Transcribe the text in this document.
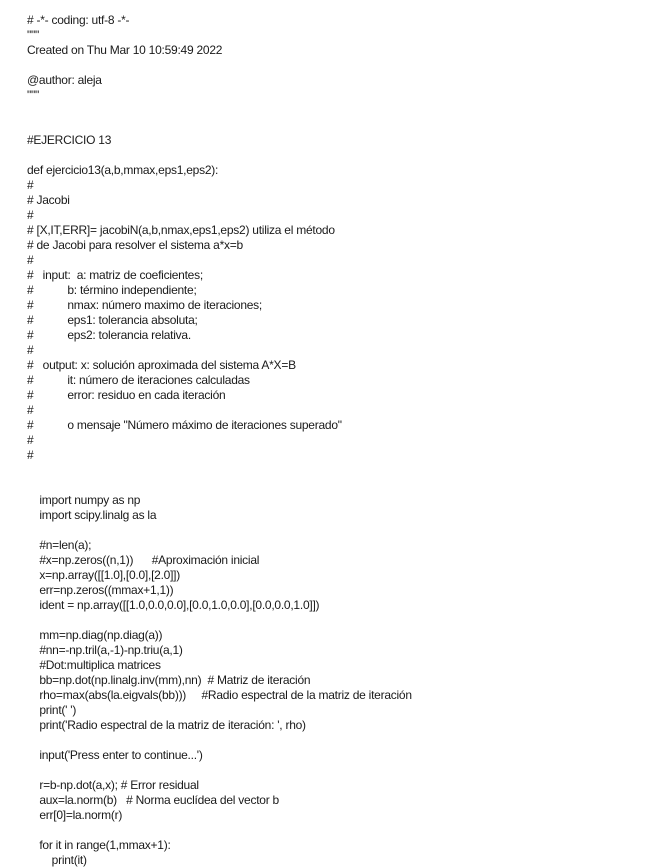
# -*- coding: utf-8 -*-
"""
Created on Thu Mar 10 10:59:49 2022
@author: aleja
"""
#EJERCICIO 13
def ejercicio13(a,b,mmax,eps1,eps2):
#
# Jacobi
#
# [X,IT,ERR]= jacobiN(a,b,nmax,eps1,eps2) utiliza el método
# de Jacobi para resolver el sistema a*x=b
#
#   input:  a: matriz de coeficientes;
#           b: término independiente;
#           nmax: número maximo de iteraciones;
#           eps1: tolerancia absoluta;
#           eps2: tolerancia relativa.
#
#   output: x: solución aproximada del sistema A*X=B
#           it: número de iteraciones calculadas
#           error: residuo en cada iteración
#
#           o mensaje "Número máximo de iteraciones superado"
#
#
import numpy as np
import scipy.linalg as la
#n=len(a);
#x=np.zeros((n,1))      #Aproximación inicial
x=np.array([[1.0],[0.0],[2.0]])
err=np.zeros((mmax+1,1))
ident = np.array([[1.0,0.0,0.0],[0.0,1.0,0.0],[0.0,0.0,1.0]])
mm=np.diag(np.diag(a))
#nn=-np.tril(a,-1)-np.triu(a,1)
#Dot:multiplica matrices
bb=np.dot(np.linalg.inv(mm),nn)  # Matriz de iteración
rho=max(abs(la.eigvals(bb)))     #Radio espectral de la matriz de iteración
print(' ')
print('Radio espectral de la matriz de iteración: ', rho)
input('Press enter to continue...')
r=b-np.dot(a,x); # Error residual
aux=la.norm(b)   # Norma euclídea del vector b
err[0]=la.norm(r)
for it in range(1,mmax+1):
print(it)
